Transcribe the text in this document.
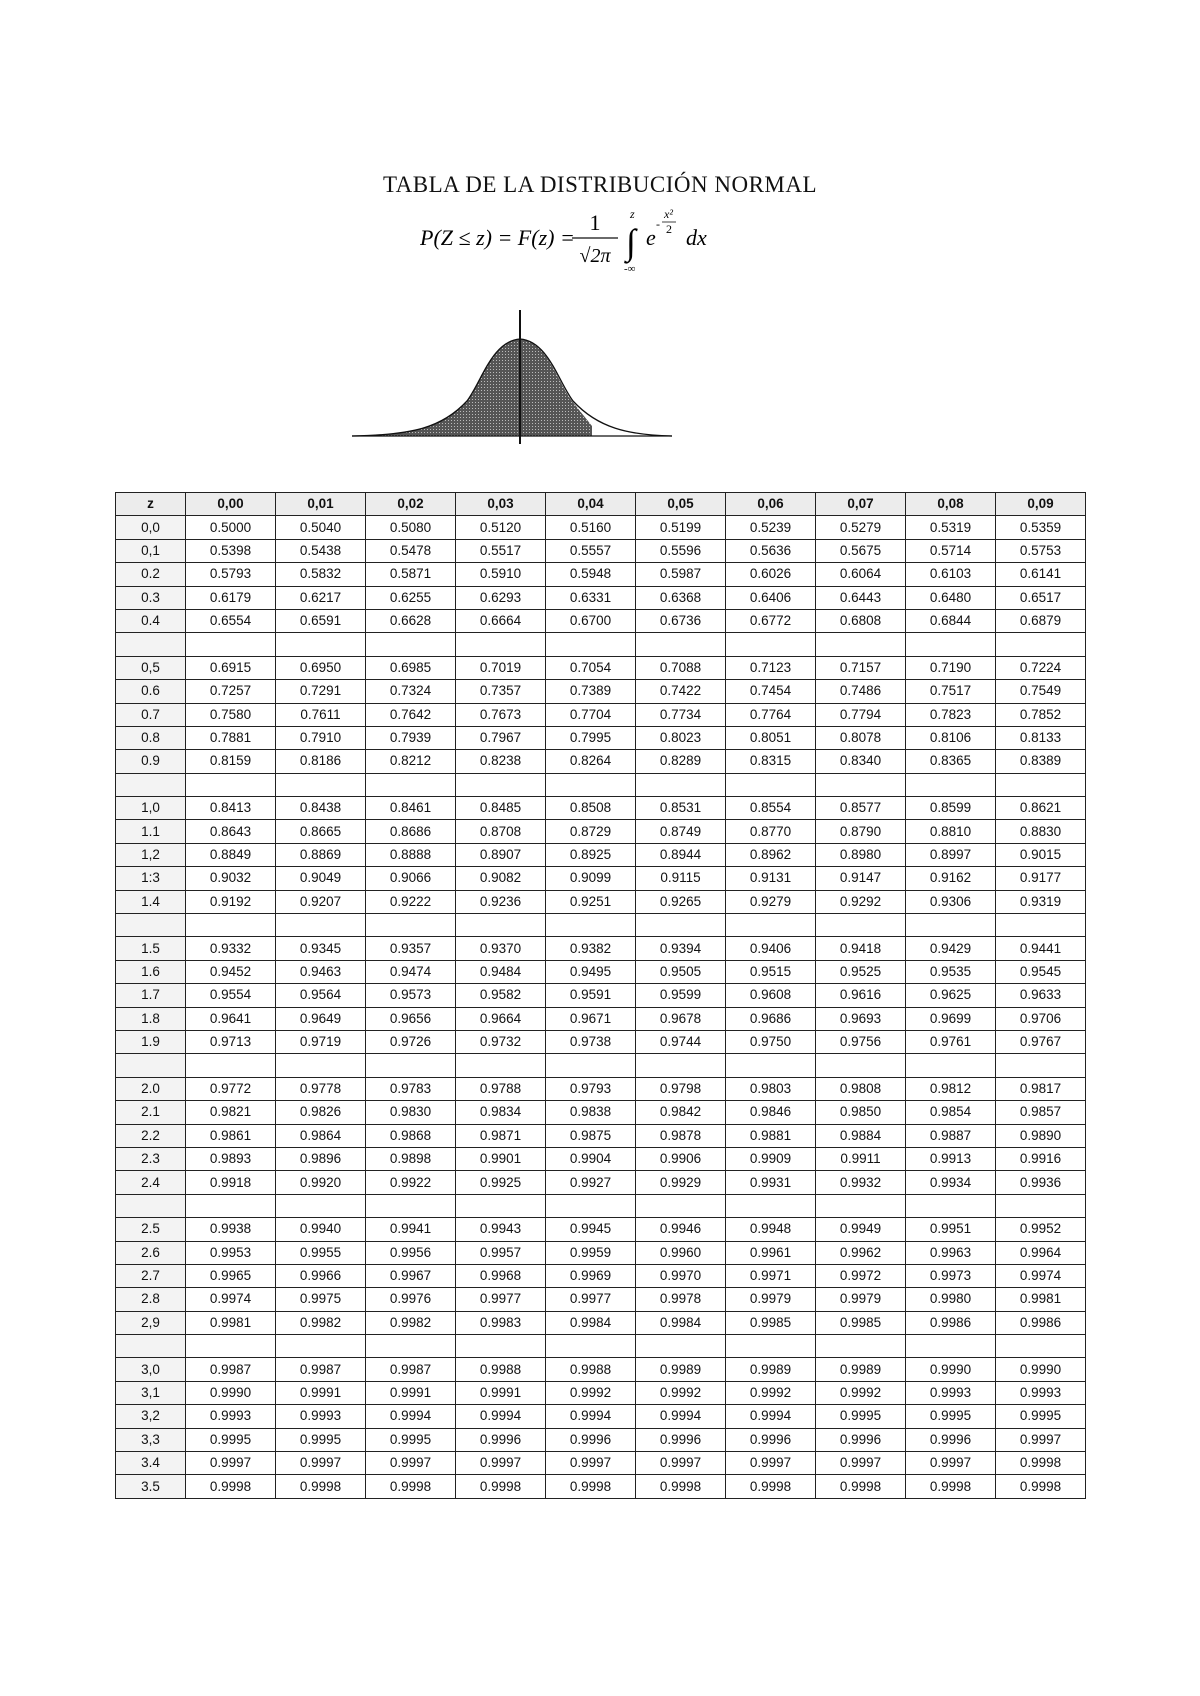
TABLA DE LA DISTRIBUCIÓN NORMAL
P(Z ≤ z) = F(z) =
1
√2π
z
∫
-∞
e
x²
- 2 dx
z	0,00	0,01	0,02	0,03	0,04	0,05	0,06	0,07	0,08	0,09
0,0	0.5000	0.5040	0.5080	0.5120	0.5160	0.5199	0.5239	0.5279	0.5319	0.5359
0,1	0.5398	0.5438	0.5478	0.5517	0.5557	0.5596	0.5636	0.5675	0.5714	0.5753
0.2	0.5793	0.5832	0.5871	0.5910	0.5948	0.5987	0.6026	0.6064	0.6103	0.6141
0.3	0.6179	0.6217	0.6255	0.6293	0.6331	0.6368	0.6406	0.6443	0.6480	0.6517
0.4	0.6554	0.6591	0.6628	0.6664	0.6700	0.6736	0.6772	0.6808	0.6844	0.6879

0,5	0.6915	0.6950	0.6985	0.7019	0.7054	0.7088	0.7123	0.7157	0.7190	0.7224
0.6	0.7257	0.7291	0.7324	0.7357	0.7389	0.7422	0.7454	0.7486	0.7517	0.7549
0.7	0.7580	0.7611	0.7642	0.7673	0.7704	0.7734	0.7764	0.7794	0.7823	0.7852
0.8	0.7881	0.7910	0.7939	0.7967	0.7995	0.8023	0.8051	0.8078	0.8106	0.8133
0.9	0.8159	0.8186	0.8212	0.8238	0.8264	0.8289	0.8315	0.8340	0.8365	0.8389

1,0	0.8413	0.8438	0.8461	0.8485	0.8508	0.8531	0.8554	0.8577	0.8599	0.8621
1.1	0.8643	0.8665	0.8686	0.8708	0.8729	0.8749	0.8770	0.8790	0.8810	0.8830
1,2	0.8849	0.8869	0.8888	0.8907	0.8925	0.8944	0.8962	0.8980	0.8997	0.9015
1:3	0.9032	0.9049	0.9066	0.9082	0.9099	0.9115	0.9131	0.9147	0.9162	0.9177
1.4	0.9192	0.9207	0.9222	0.9236	0.9251	0.9265	0.9279	0.9292	0.9306	0.9319

1.5	0.9332	0.9345	0.9357	0.9370	0.9382	0.9394	0.9406	0.9418	0.9429	0.9441
1.6	0.9452	0.9463	0.9474	0.9484	0.9495	0.9505	0.9515	0.9525	0.9535	0.9545
1.7	0.9554	0.9564	0.9573	0.9582	0.9591	0.9599	0.9608	0.9616	0.9625	0.9633
1.8	0.9641	0.9649	0.9656	0.9664	0.9671	0.9678	0.9686	0.9693	0.9699	0.9706
1.9	0.9713	0.9719	0.9726	0.9732	0.9738	0.9744	0.9750	0.9756	0.9761	0.9767

2.0	0.9772	0.9778	0.9783	0.9788	0.9793	0.9798	0.9803	0.9808	0.9812	0.9817
2.1	0.9821	0.9826	0.9830	0.9834	0.9838	0.9842	0.9846	0.9850	0.9854	0.9857
2.2	0.9861	0.9864	0.9868	0.9871	0.9875	0.9878	0.9881	0.9884	0.9887	0.9890
2.3	0.9893	0.9896	0.9898	0.9901	0.9904	0.9906	0.9909	0.9911	0.9913	0.9916
2.4	0.9918	0.9920	0.9922	0.9925	0.9927	0.9929	0.9931	0.9932	0.9934	0.9936

2.5	0.9938	0.9940	0.9941	0.9943	0.9945	0.9946	0.9948	0.9949	0.9951	0.9952
2.6	0.9953	0.9955	0.9956	0.9957	0.9959	0.9960	0.9961	0.9962	0.9963	0.9964
2.7	0.9965	0.9966	0.9967	0.9968	0.9969	0.9970	0.9971	0.9972	0.9973	0.9974
2.8	0.9974	0.9975	0.9976	0.9977	0.9977	0.9978	0.9979	0.9979	0.9980	0.9981
2,9	0.9981	0.9982	0.9982	0.9983	0.9984	0.9984	0.9985	0.9985	0.9986	0.9986

3,0	0.9987	0.9987	0.9987	0.9988	0.9988	0.9989	0.9989	0.9989	0.9990	0.9990
3,1	0.9990	0.9991	0.9991	0.9991	0.9992	0.9992	0.9992	0.9992	0.9993	0.9993
3,2	0.9993	0.9993	0.9994	0.9994	0.9994	0.9994	0.9994	0.9995	0.9995	0.9995
3,3	0.9995	0.9995	0.9995	0.9996	0.9996	0.9996	0.9996	0.9996	0.9996	0.9997
3.4	0.9997	0.9997	0.9997	0.9997	0.9997	0.9997	0.9997	0.9997	0.9997	0.9998
3.5	0.9998	0.9998	0.9998	0.9998	0.9998	0.9998	0.9998	0.9998	0.9998	0.9998
